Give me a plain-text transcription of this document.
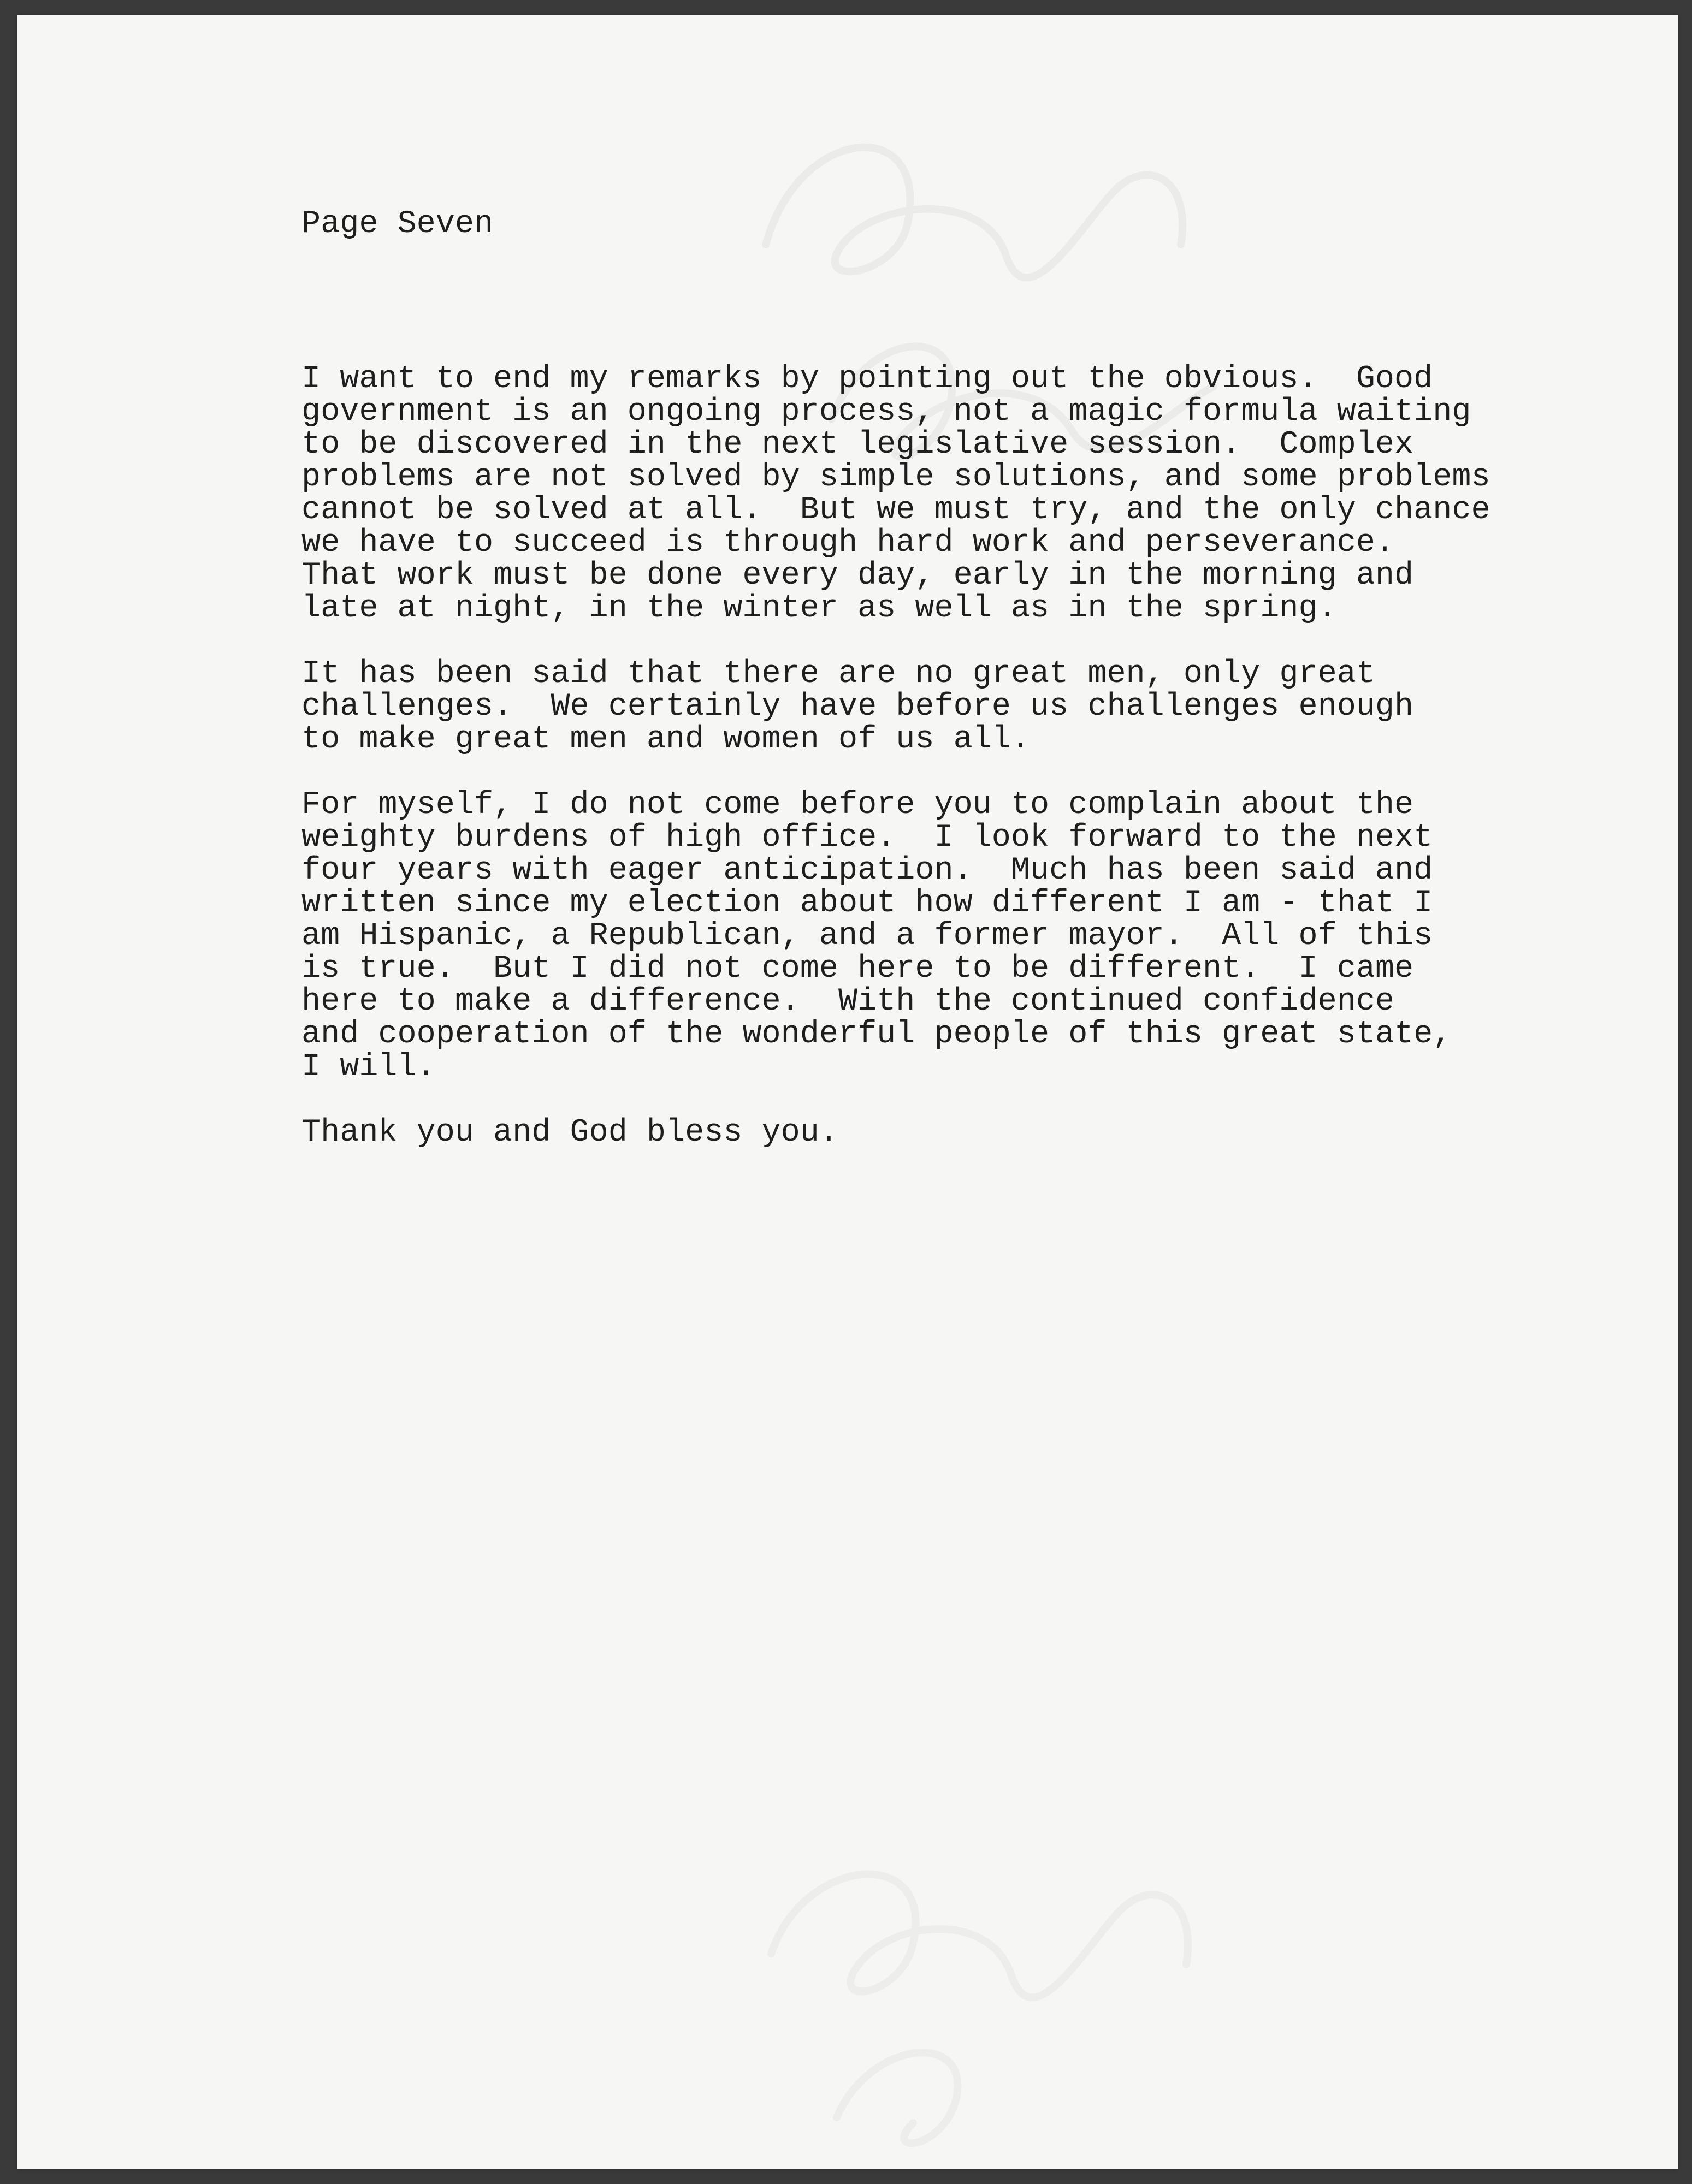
Page Seven
I want to end my remarks by pointing out the obvious.  Good
government is an ongoing process, not a magic formula waiting
to be discovered in the next legislative session.  Complex
problems are not solved by simple solutions, and some problems
cannot be solved at all.  But we must try, and the only chance
we have to succeed is through hard work and perseverance.
That work must be done every day, early in the morning and
late at night, in the winter as well as in the spring.
It has been said that there are no great men, only great
challenges.  We certainly have before us challenges enough
to make great men and women of us all.
For myself, I do not come before you to complain about the
weighty burdens of high office.  I look forward to the next
four years with eager anticipation.  Much has been said and
written since my election about how different I am - that I
am Hispanic, a Republican, and a former mayor.  All of this
is true.  But I did not come here to be different.  I came
here to make a difference.  With the continued confidence
and cooperation of the wonderful people of this great state,
I will.
Thank you and God bless you.
